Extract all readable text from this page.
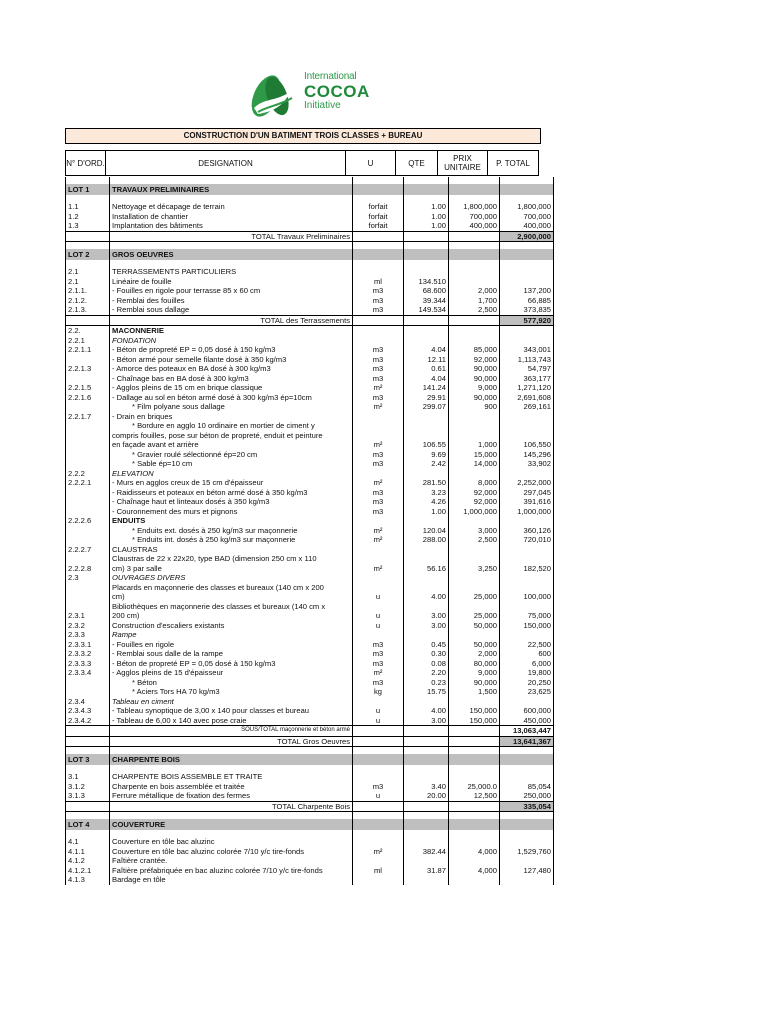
International
COCOA
Initiative
CONSTRUCTION D'UN BATIMENT TROIS CLASSES + BUREAU
N° D'ORD.	DESIGNATION	U	QTE	PRIX UNITAIRE	P. TOTAL

LOT 1	TRAVAUX PRELIMINAIRES				

1.1	Nettoyage et décapage de terrain	forfait	1.00	1,800,000	1,800,000
1.2	Installation de chantier	forfait	1.00	700,000	700,000
1.3	Implantation des bâtiments	forfait	1.00	400,000	400,000
	TOTAL Travaux Preliminaires				2,900,000

LOT 2	GROS OEUVRES				

2.1	TERRASSEMENTS PARTICULIERS				
2.1	Linéaire de fouille	ml	134.510		
2.1.1.	- Fouilles en rigole pour terrasse 85 x 60 cm	m3	68.600	2,000	137,200
2.1.2.	- Remblai des fouilles	m3	39.344	1,700	66,885
2.1.3.	- Remblai sous dallage	m3	149.534	2,500	373,835
	TOTAL des Terrassements				577,920
2.2.	MACONNERIE				
2.2.1	FONDATION				
2.2.1.1	- Béton de propreté EP = 0,05 dosé à 150 kg/m3	m3	4.04	85,000	343,001
	- Béton armé pour semelle filante dosé à 350 kg/m3	m3	12.11	92,000	1,113,743
2.2.1.3	- Amorce des poteaux en BA dosé à 300 kg/m3	m3	0.61	90,000	54,797
	- Chaînage bas en BA dosé à 300 kg/m3	m3	4.04	90,000	363,177
2.2.1.5	- Agglos pleins de 15 cm en brique classique	m²	141.24	9,000	1,271,120
2.2.1.6	- Dallage au sol en béton armé dosé à 300 kg/m3 ép=10cm	m3	29.91	90,000	2,691,608
	* Film polyane sous dallage	m²	299.07	900	269,161
2.2.1.7	- Drain en briques				
	* Bordure en agglo 10 ordinaire en mortier de ciment y				
	compris fouilles, pose sur béton de propreté, enduit et peinture				
	en façade avant et arrière	m²	106.55	1,000	106,550
	* Gravier roulé sélectionné ép=20 cm	m3	9.69	15,000	145,296
	* Sable ép=10 cm	m3	2.42	14,000	33,902
2.2.2	ELEVATION				
2.2.2.1	- Murs en agglos creux de 15 cm d'épaisseur	m²	281.50	8,000	2,252,000
	- Raidisseurs et poteaux en béton armé dosé à 350 kg/m3	m3	3.23	92,000	297,045
	- Chaînage haut et linteaux dosés à 350 kg/m3	m3	4.26	92,000	391,616
	- Couronnement des murs et pignons	m3	1.00	1,000,000	1,000,000
2.2.2.6	ENDUITS				
	* Enduits ext. dosés à 250 kg/m3 sur maçonnerie	m²	120.04	3,000	360,126
	* Enduits int. dosés à 250 kg/m3 sur maçonnerie	m²	288.00	2,500	720,010
2.2.2.7	CLAUSTRAS				
	Claustras de 22 x 22x20, type BAD (dimension 250 cm x 110				
2.2.2.8	cm) 3 par salle	m²	56.16	3,250	182,520
2.3	OUVRAGES DIVERS				
	Placards en maçonnerie des classes et bureaux (140 cm x 200				
	cm)	u	4.00	25,000	100,000
	Bibliothèques en maçonnerie des classes et bureaux (140 cm x				
2.3.1	200 cm)	u	3.00	25,000	75,000
2.3.2	Construction d'escaliers existants	u	3.00	50,000	150,000
2.3.3	Rampe				
2.3.3.1	- Fouilles en rigole	m3	0.45	50,000	22,500
2.3.3.2	- Remblai sous dalle de la rampe	m3	0.30	2,000	600
2.3.3.3	- Béton de propreté EP = 0,05 dosé à 150 kg/m3	m3	0.08	80,000	6,000
2.3.3.4	- Agglos pleins de 15 d'épaisseur	m²	2.20	9,000	19,800
	* Béton	m3	0.23	90,000	20,250
	* Aciers Tors HA 70 kg/m3	kg	15.75	1,500	23,625
2.3.4	Tableau en ciment				
2.3.4.3	- Tableau synoptique de 3,00 x 140 pour classes et bureau	u	4.00	150,000	600,000
2.3.4.2	- Tableau de 6,00 x 140 avec pose craie	u	3.00	150,000	450,000
	SOUS/TOTAL maçonnerie et béton armé				13,063,447
	TOTAL Gros Oeuvres				13,641,367

LOT 3	CHARPENTE BOIS				

3.1	CHARPENTE BOIS ASSEMBLE ET TRAITE				
3.1.2	Charpente en bois assemblée et traitée	m3	3.40	25,000.0	85,054
3.1.3	Ferrure métallique de fixation des fermes	u	20.00	12,500	250,000
	TOTAL Charpente Bois				335,054

LOT 4	COUVERTURE				

4.1	Couverture en tôle bac aluzinc				
4.1.1	Couverture en tôle bac aluzinc colorée 7/10 y/c tire-fonds	m²	382.44	4,000	1,529,760
4.1.2	Faîtière crantée.				
4.1.2.1	Faîtière préfabriquée en bac aluzinc colorée 7/10 y/c tire-fonds	ml	31.87	4,000	127,480
4.1.3	Bardage en tôle				
